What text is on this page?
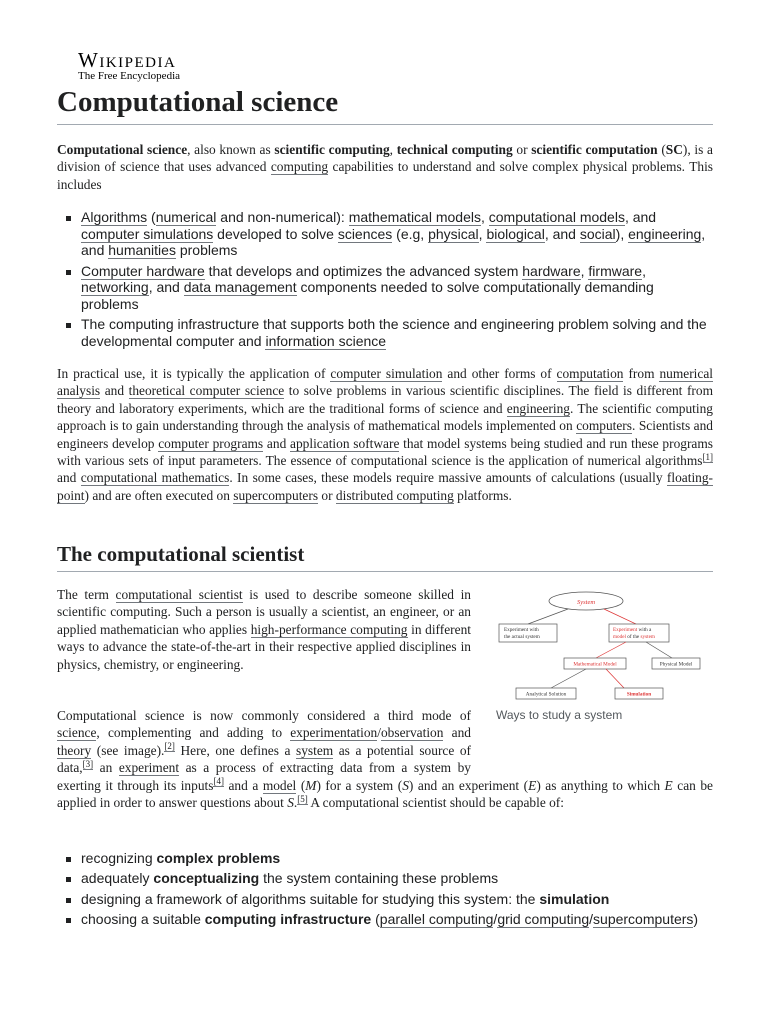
Wikipedia
The Free Encyclopedia
Computational science

Computational science, also known as scientific computing, technical computing or scientific computation (SC), is a division of science that uses advanced computing capabilities to understand and solve complex physical problems. This includes

Algorithms (numerical and non-numerical): mathematical models, computational models, and computer simulations developed to solve sciences (e.g, physical, biological, and social), engineering, and humanities problems
Computer hardware that develops and optimizes the advanced system hardware, firmware, networking, and data management components needed to solve computationally demanding problems
The computing infrastructure that supports both the science and engineering problem solving and the developmental computer and information science

In practical use, it is typically the application of computer simulation and other forms of computation from numerical analysis and theoretical computer science to solve problems in various scientific disciplines. The field is different from theory and laboratory experiments, which are the traditional forms of science and engineering. The scientific computing approach is to gain understanding through the analysis of mathematical models implemented on computers. Scientists and engineers develop computer programs and application software that model systems being studied and run these programs with various sets of input parameters. The essence of computational science is the application of numerical algorithms[1] and computational mathematics. In some cases, these models require massive amounts of calculations (usually floating-point) and are often executed on supercomputers or distributed computing platforms.

The computational scientist

The term computational scientist is used to describe someone skilled in scientific computing. Such a person is usually a scientist, an engineer, or an applied mathematician who applies high-performance computing in different ways to advance the state-of-the-art in their respective applied disciplines in physics, chemistry, or engineering.

Computational science is now commonly considered a third mode of science, complementing and adding to experimentation/observation and theory (see image).[2] Here, one defines a system as a potential source of data,[3] an experiment as a process of extracting data from a system by exerting it through its inputs[4] and a model (M) for a system (S) and an experiment (E) as anything to which E can be applied in order to answer questions about S.[5] A computational scientist should be capable of:

System
Experiment with
the actual system
Experiment with a
model of the system
Mathematical Model	Physical Model
Analytical Solution	Simulation
Ways to study a system
recognizing complex problems
adequately conceptualizing the system containing these problems
designing a framework of algorithms suitable for studying this system: the simulation
choosing a suitable computing infrastructure (parallel computing/grid computing/supercomputers)
